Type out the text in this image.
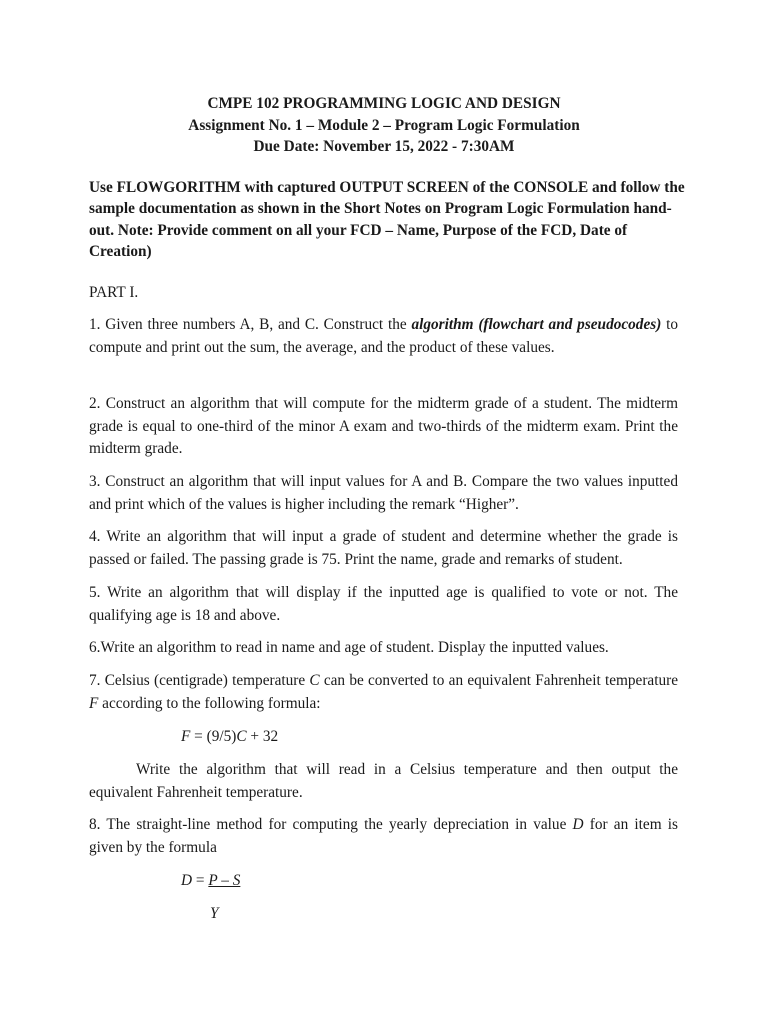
CMPE 102 PROGRAMMING LOGIC AND DESIGN
Assignment No. 1 – Module 2 – Program Logic Formulation
Due Date: November 15, 2022 - 7:30AM
Use FLOWGORITHM with captured OUTPUT SCREEN of the CONSOLE and follow the sample documentation as shown in the Short Notes on Program Logic Formulation hand-out. Note: Provide comment on all your FCD – Name, Purpose of the FCD, Date of Creation)
PART I.
1. Given three numbers A, B, and C. Construct the algorithm (flowchart and pseudocodes) to compute and print out the sum, the average, and the product of these values.
2. Construct an algorithm that will compute for the midterm grade of a student. The midterm grade is equal to one-third of the minor A exam and two-thirds of the midterm exam. Print the midterm grade.
3. Construct an algorithm that will input values for A and B. Compare the two values inputted and print which of the values is higher including the remark “Higher”.
4. Write an algorithm that will input a grade of student and determine whether the grade is passed or failed. The passing grade is 75. Print the name, grade and remarks of student.
5. Write an algorithm that will display if the inputted age is qualified to vote or not. The qualifying age is 18 and above.
6.Write an algorithm to read in name and age of student. Display the inputted values.
7. Celsius (centigrade) temperature C can be converted to an equivalent Fahrenheit temperature F according to the following formula:
F = (9/5)C + 32
Write the algorithm that will read in a Celsius temperature and then output the equivalent Fahrenheit temperature.
8. The straight-line method for computing the yearly depreciation in value D for an item is given by the formula
D = P – S
Y
